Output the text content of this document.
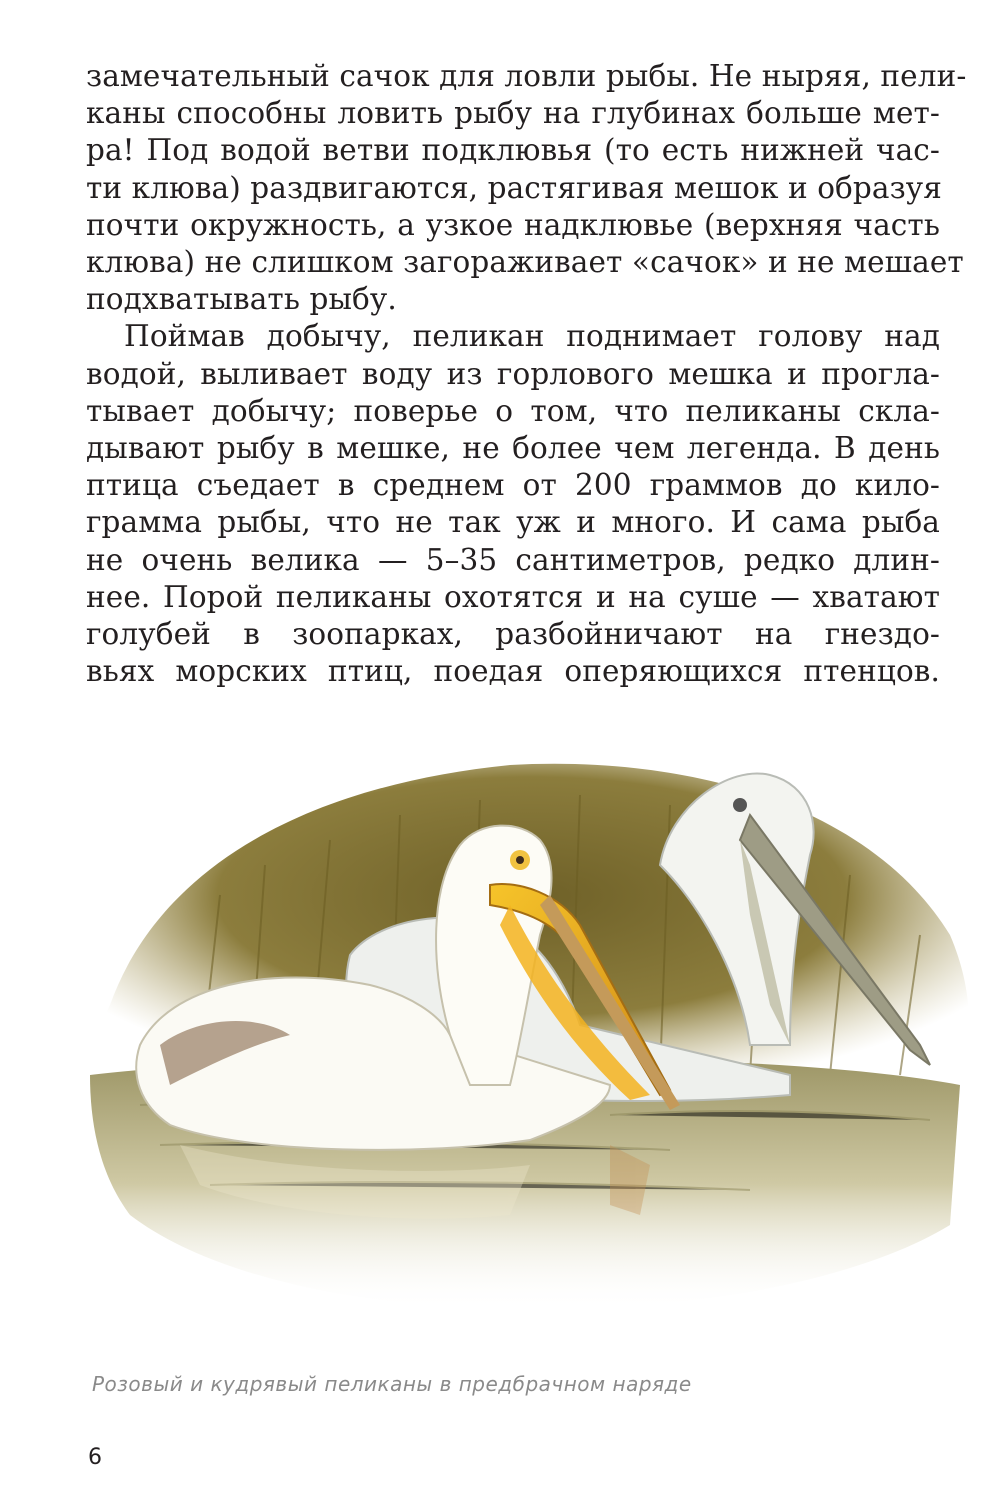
замечательный сачок для ловли рыбы. Не ныряя, пели-
каны способны ловить рыбу на глубинах больше мет-
ра! Под водой ветви подклювья (то есть нижней час-
ти клюва) раздвигаются, растягивая мешок и образуя
почти окружность, а узкое надклювье (верхняя часть
клюва) не слишком загораживает «сачок» и не мешает
подхватывать рыбу.

Поймав добычу, пеликан поднимает голову над
водой, выливает воду из горлового мешка и прогла-
тывает добычу; поверье о том, что пеликаны скла-
дывают рыбу в мешке, не более чем легенда. В день
птица съедает в среднем от 200 граммов до кило-
грамма рыбы, что не так уж и много. И сама рыба
не очень велика — 5–35 сантиметров, редко длин-
нее. Порой пеликаны охотятся и на суше — хватают
голубей в зоопарках, разбойничают на гнездо-
вьях морских птиц, поедая оперяющихся птенцов.

Розовый и кудрявый пеликаны в предбрачном наряде
6
